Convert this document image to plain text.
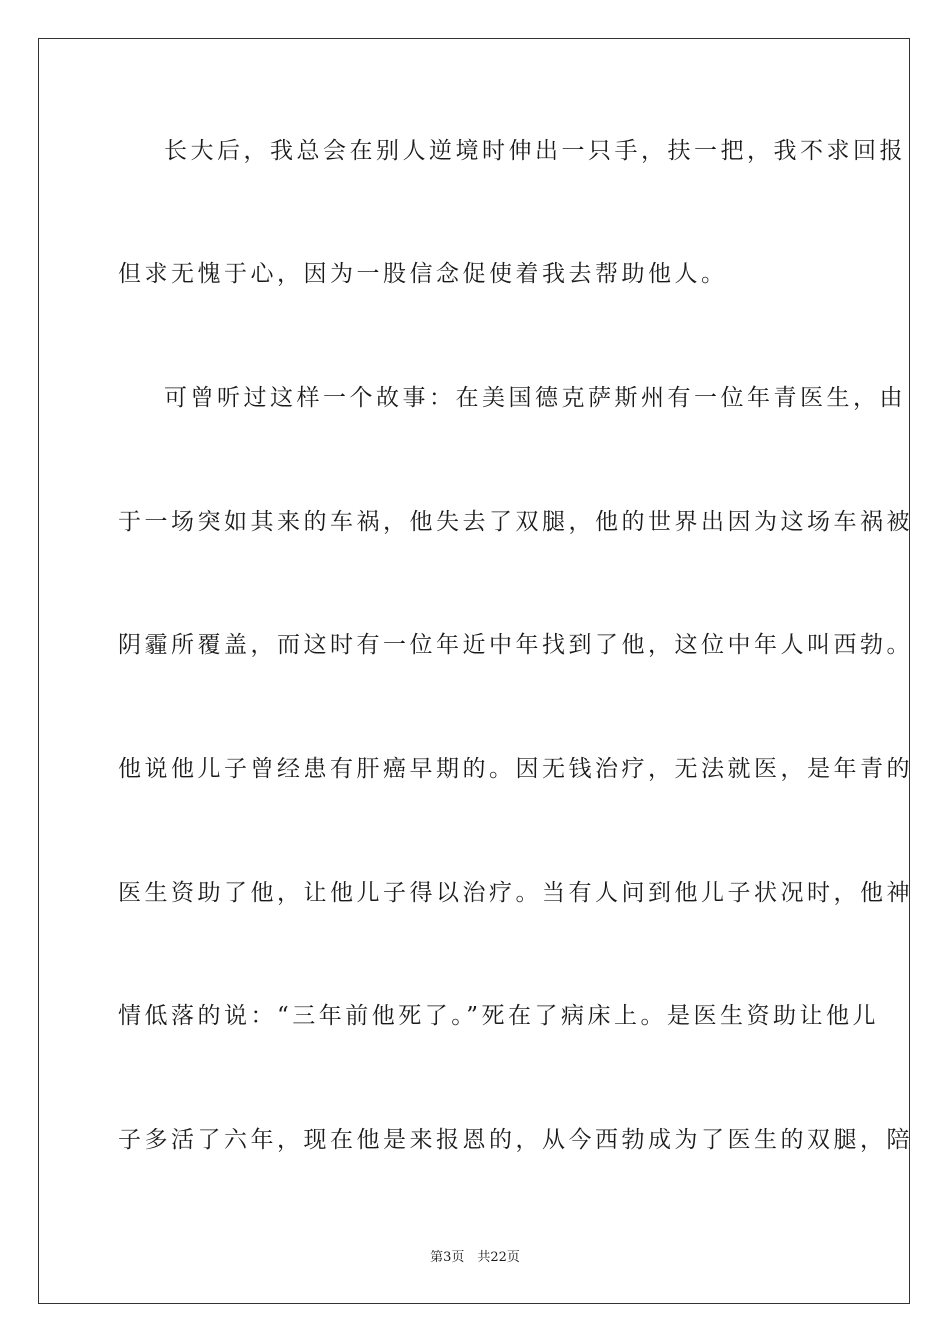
长大后，我总会在别人逆境时伸出一只手，扶一把，我不求回报
但求无愧于心，因为一股信念促使着我去帮助他人。
可曾听过这样一个故事：在美国德克萨斯州有一位年青医生，由
于一场突如其来的车祸，他失去了双腿，他的世界出因为这场车祸被
阴霾所覆盖，而这时有一位年近中年找到了他，这位中年人叫西勃。
他说他儿子曾经患有肝癌早期的。因无钱治疗，无法就医，是年青的
医生资助了他，让他儿子得以治疗。当有人问到他儿子状况时，他神
情低落的说：“三年前他死了。”死在了病床上。是医生资助让他儿
子多活了六年，现在他是来报恩的，从今西勃成为了医生的双腿，陪
第3页　共22页
